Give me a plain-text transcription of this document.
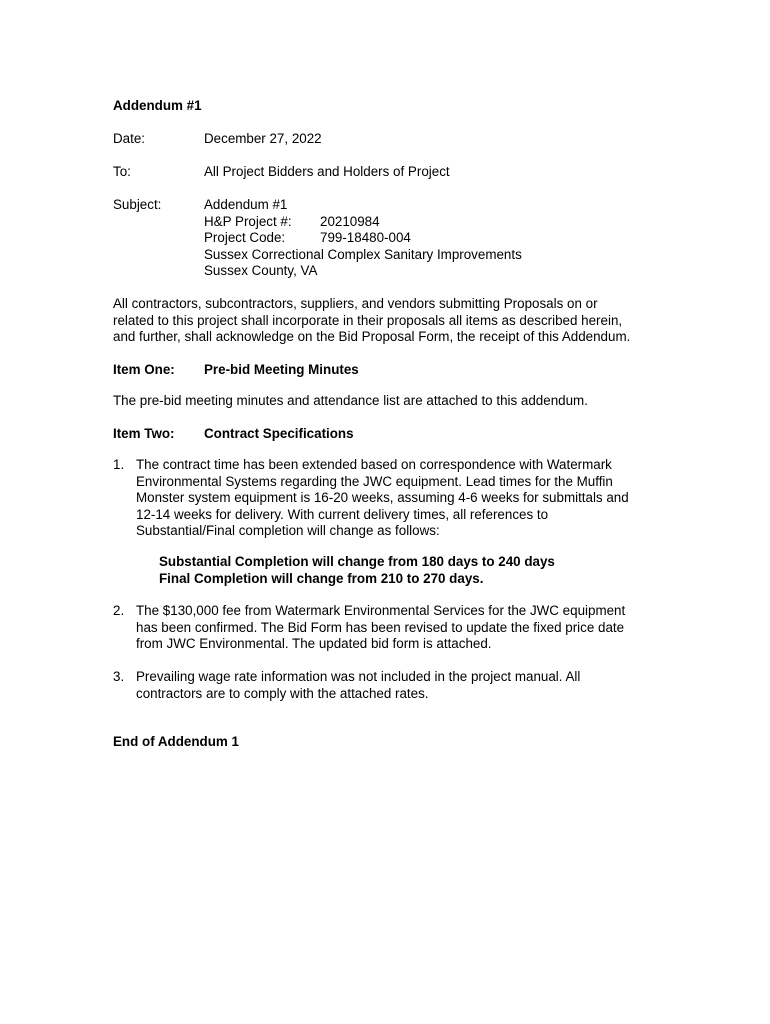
Addendum #1
Date:	December 27, 2022
To:	All Project Bidders and Holders of Project
Subject:	Addendum #1
H&P Project #: 20210984
Project Code:	799-18480-004
Sussex Correctional Complex Sanitary Improvements
Sussex County, VA
All contractors, subcontractors, suppliers, and vendors submitting Proposals on or
related to this project shall incorporate in their proposals all items as described herein,
and further, shall acknowledge on the Bid Proposal Form, the receipt of this Addendum.
Item One: Pre-bid Meeting Minutes
The pre-bid meeting minutes and attendance list are attached to this addendum.
Item Two: Contract Specifications
1. The contract time has been extended based on correspondence with Watermark
Environmental Systems regarding the JWC equipment. Lead times for the Muffin
Monster system equipment is 16-20 weeks, assuming 4-6 weeks for submittals and
12-14 weeks for delivery. With current delivery times, all references to
Substantial/Final completion will change as follows:
Substantial Completion will change from 180 days to 240 days
Final Completion will change from 210 to 270 days.
2. The $130,000 fee from Watermark Environmental Services for the JWC equipment
has been confirmed. The Bid Form has been revised to update the fixed price date
from JWC Environmental. The updated bid form is attached.
3. Prevailing wage rate information was not included in the project manual. All
contractors are to comply with the attached rates.
End of Addendum 1
